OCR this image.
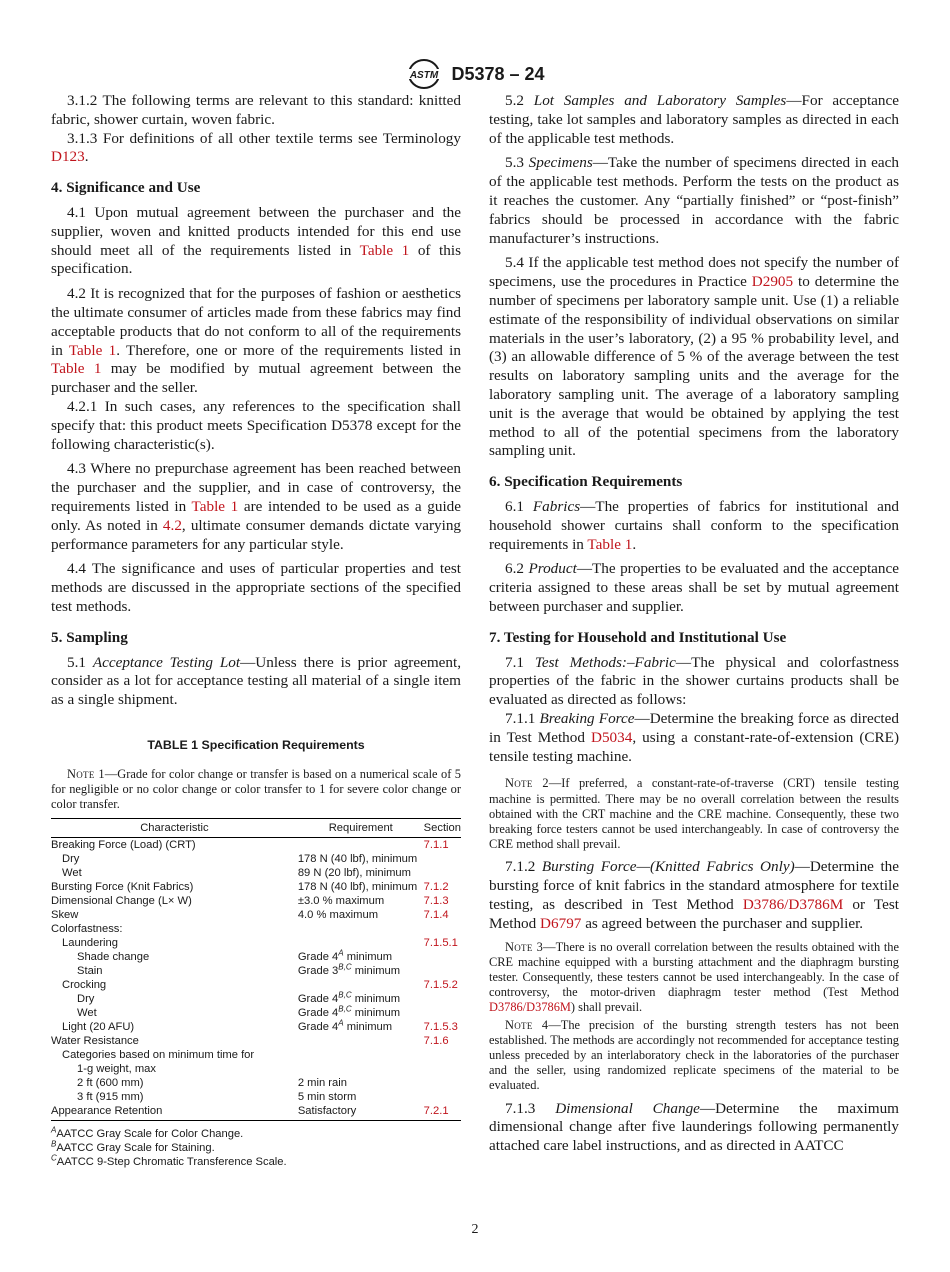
ASTM D5378 – 24

3.1.2 The following terms are relevant to this standard: knitted fabric, shower curtain, woven fabric.

3.1.3 For definitions of all other textile terms see Terminology D123.

4. Significance and Use

4.1 Upon mutual agreement between the purchaser and the supplier, woven and knitted products intended for this end use should meet all of the requirements listed in Table 1 of this specification.

4.2 It is recognized that for the purposes of fashion or aesthetics the ultimate consumer of articles made from these fabrics may find acceptable products that do not conform to all of the requirements in Table 1. Therefore, one or more of the requirements listed in Table 1 may be modified by mutual agreement between the purchaser and the seller.

4.2.1 In such cases, any references to the specification shall specify that: this product meets Specification D5378 except for the following characteristic(s).

4.3 Where no prepurchase agreement has been reached between the purchaser and the supplier, and in case of controversy, the requirements listed in Table 1 are intended to be used as a guide only. As noted in 4.2, ultimate consumer demands dictate varying performance parameters for any particular style.

4.4 The significance and uses of particular properties and test methods are discussed in the appropriate sections of the specified test methods.

5. Sampling

5.1 Acceptance Testing Lot—Unless there is prior agreement, consider as a lot for acceptance testing all material of a single item as a single shipment.

TABLE 1 Specification Requirements
Note 1—Grade for color change or transfer is based on a numerical scale of 5 for negligible or no color change or color transfer to 1 for severe color change or color transfer.
Characteristic	Requirement	Section
Breaking Force (Load) (CRT)		7.1.1
Dry	178 N (40 lbf), minimum	
Wet	89 N (20 lbf), minimum	
Bursting Force (Knit Fabrics)	178 N (40 lbf), minimum	7.1.2
Dimensional Change (L× W)	±3.0 % maximum	7.1.3
Skew	4.0 % maximum	7.1.4
Colorfastness:		
Laundering		7.1.5.1
Shade change	Grade $4^A$ minimum	
Stain	Grade $3^{B,C}$ minimum	
Crocking		7.1.5.2
Dry	Grade $4^{B,C}$ minimum	
Wet	Grade $4^{B,C}$ minimum	
Light (20 AFU)	Grade $4^A$ minimum	7.1.5.3
Water Resistance		7.1.6
Categories based on minimum time for		
1-g weight, max		
2 ft (600 mm)	2 min rain	
3 ft (915 mm)	5 min storm	
Appearance Retention	Satisfactory	7.2.1
$^A$AATCC Gray Scale for Color Change.
$^B$AATCC Gray Scale for Staining.
$^C$AATCC 9-Step Chromatic Transference Scale.

5.2 Lot Samples and Laboratory Samples—For acceptance testing, take lot samples and laboratory samples as directed in each of the applicable test methods.

5.3 Specimens—Take the number of specimens directed in each of the applicable test methods. Perform the tests on the product as it reaches the customer. Any “partially finished” or “post-finish” fabrics should be processed in accordance with the fabric manufacturer’s instructions.

5.4 If the applicable test method does not specify the number of specimens, use the procedures in Practice D2905 to determine the number of specimens per laboratory sample unit. Use (1) a reliable estimate of the responsibility of individual observations on similar materials in the user’s laboratory, (2) a 95 % probability level, and (3) an allowable difference of 5 % of the average between the test results on laboratory sampling units and the average for the laboratory sampling unit. The average of a laboratory sampling unit is the average that would be obtained by applying the test method to all of the potential specimens from the laboratory sampling unit.

6. Specification Requirements

6.1 Fabrics—The properties of fabrics for institutional and household shower curtains shall conform to the specification requirements in Table 1.

6.2 Product—The properties to be evaluated and the acceptance criteria assigned to these areas shall be set by mutual agreement between purchaser and supplier.

7. Testing for Household and Institutional Use

7.1 Test Methods:–Fabric—The physical and colorfastness properties of the fabric in the shower curtains products shall be evaluated as directed as follows:

7.1.1 Breaking Force—Determine the breaking force as directed in Test Method D5034, using a constant-rate-of-extension (CRE) tensile testing machine.

Note 2—If preferred, a constant-rate-of-traverse (CRT) tensile testing machine is permitted. There may be no overall correlation between the results obtained with the CRT machine and the CRE machine. Consequently, these two breaking force testers cannot be used interchangeably. In case of controversy the CRE method shall prevail.

7.1.2 Bursting Force—(Knitted Fabrics Only)—Determine the bursting force of knit fabrics in the standard atmosphere for textile testing, as described in Test Method D3786/D3786M or Test Method D6797 as agreed between the purchaser and supplier.

Note 3—There is no overall correlation between the results obtained with the CRE machine equipped with a bursting attachment and the diaphragm bursting tester. Consequently, these testers cannot be used interchangeably. In the case of controversy, the motor-driven diaphragm tester method (Test Method D3786/D3786M) shall prevail.
Note 4—The precision of the bursting strength testers has not been established. The methods are accordingly not recommended for acceptance testing unless preceded by an interlaboratory check in the laboratories of the purchaser and the seller, using randomized replicate specimens of the material to be evaluated.

7.1.3 Dimensional Change—Determine the maximum dimensional change after five launderings following permanently attached care label instructions, and as directed in AATCC

2
